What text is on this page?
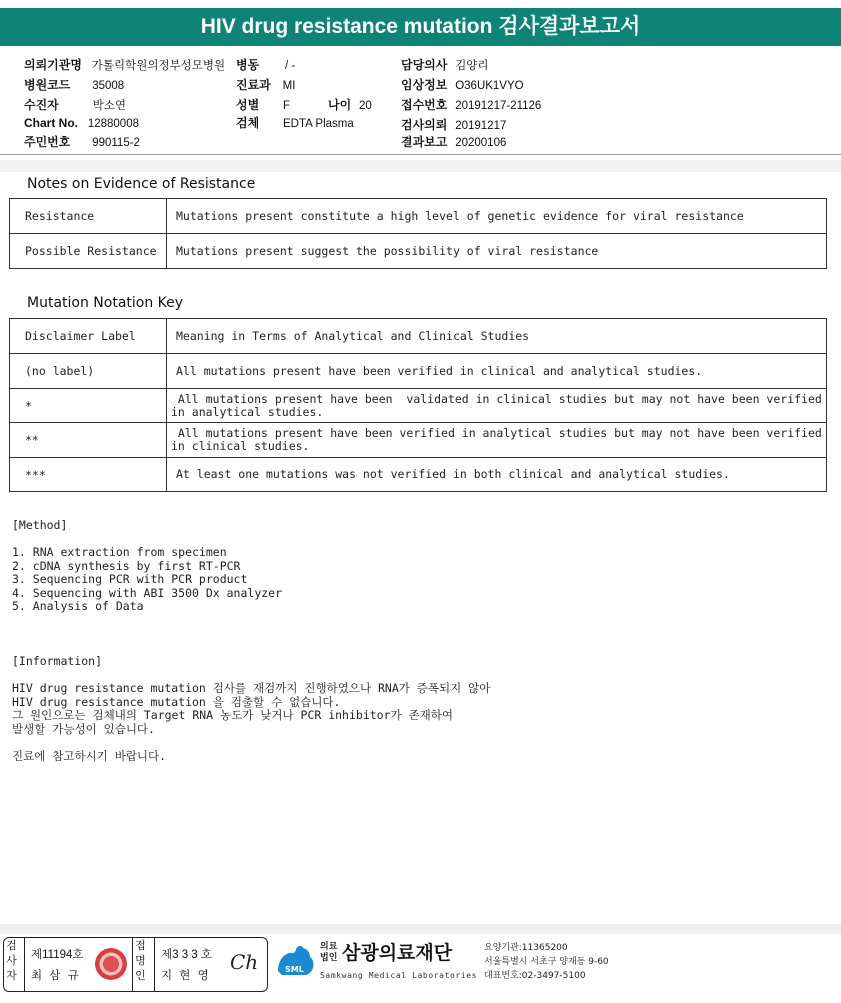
HIV drug resistance mutation 검사결과보고서
의뢰기관명 가톨릭학원의정부성모병원 병동 / -	담당의사 김양리
병원코드 35008	진료과 MI	임상정보 O36UK1VYO
수진자	박소연	성별 F	나이 20 접수번호 20191217-21126
Chart No. 12880008	검체 EDTA Plasma	검사의뢰 20191217
주민번호 990115-2	결과보고 20200106
Notes on Evidence of Resistance
Resistance	Mutations present constitute a high level of genetic evidence for viral resistance
Possible Resistance	Mutations present suggest the possibility of viral resistance
Mutation Notation Key
Disclaimer Label	Meaning in Terms of Analytical and Clinical Studies
(no label)	All mutations present have been verified in clinical and analytical studies.
*	All mutations present have been  validated in clinical studies but may not have been verified
in analytical studies.

**	All mutations present have been verified in analytical studies but may not have been verified
in clinical studies.

***	At least one mutations was not verified in both clinical and analytical studies.
[Method]
1. RNA extraction from specimen
2. cDNA synthesis by first RT-PCR
3. Sequencing PCR with PCR product
4. Sequencing with ABI 3500 Dx analyzer
5. Analysis of Data
[Information]
HIV drug resistance mutation 검사를 재검까지 진행하였으나 RNA가 증폭되지 않아
HIV drug resistance mutation 을 검출할 수 없습니다.
그 원인으로는 검체내의 Target RNA 농도가 낮거나 PCR inhibitor가 존재하여
발생할 가능성이 있습니다.
진료에 참고하시기 바랍니다.
검사자
제11194호
최 삼 규
접명인
제3 3 3 호
지 현 영
Ch	SML
의료
법인 삼광의료재단
Samkwang Medical Laboratories
요양기관:11365200
서울특별시 서초구 양재동 9-60
대표번호:02-3497-5100
